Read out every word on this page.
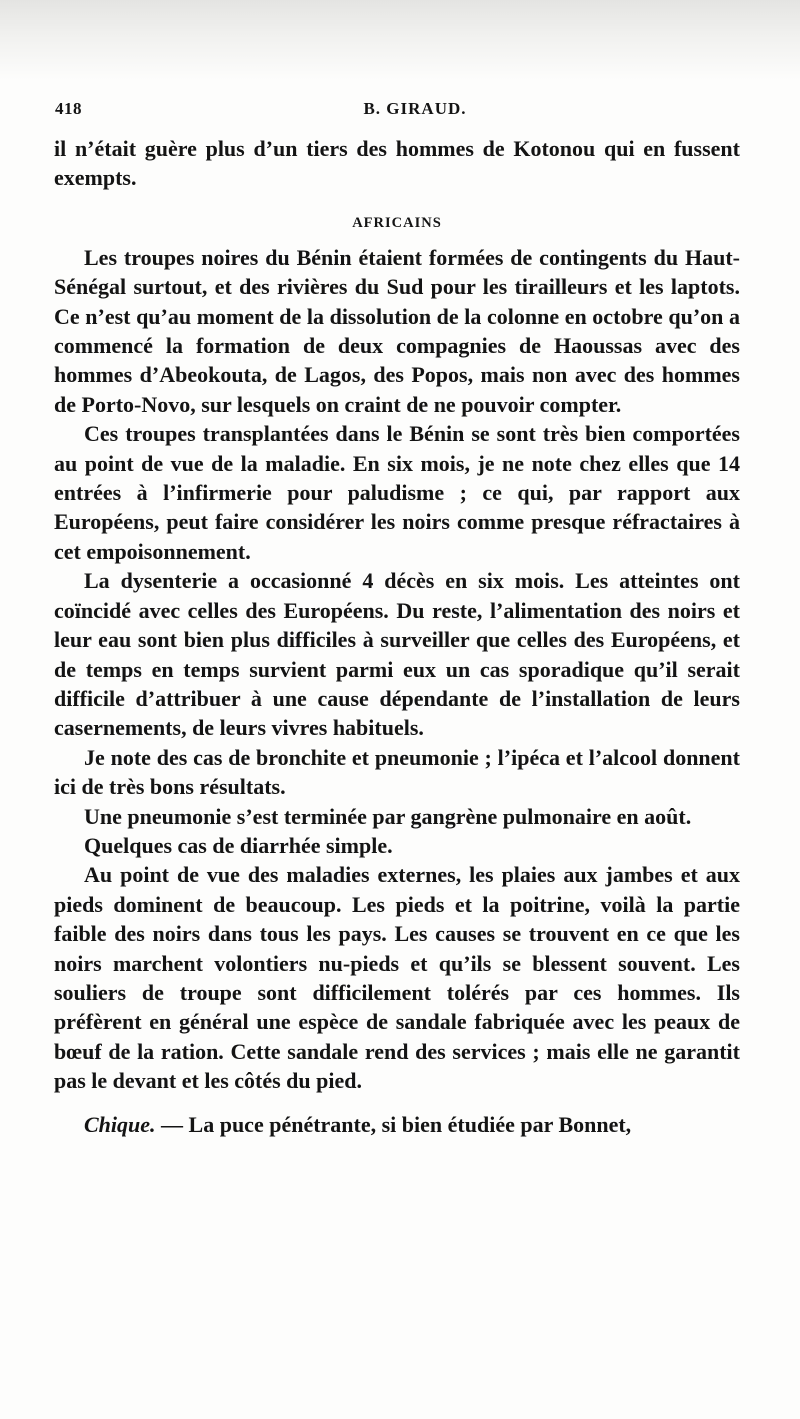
418	B. GIRAUD.

il n’était guère plus d’un tiers des hommes de Kotonou qui en fussent exempts.

AFRICAINS

Les troupes noires du Bénin étaient formées de contingents du Haut-Sénégal surtout, et des rivières du Sud pour les tirailleurs et les laptots. Ce n’est qu’au moment de la dissolution de la colonne en octobre qu’on a commencé la formation de deux compagnies de Haoussas avec des hommes d’Abeokouta, de Lagos, des Popos, mais non avec des hommes de Porto-Novo, sur lesquels on craint de ne pouvoir compter.

Ces troupes transplantées dans le Bénin se sont très bien comportées au point de vue de la maladie. En six mois, je ne note chez elles que 14 entrées à l’infirmerie pour paludisme ; ce qui, par rapport aux Européens, peut faire considérer les noirs comme presque réfractaires à cet empoisonnement.

La dysenterie a occasionné 4 décès en six mois. Les atteintes ont coïncidé avec celles des Européens. Du reste, l’alimentation des noirs et leur eau sont bien plus difficiles à surveiller que celles des Européens, et de temps en temps survient parmi eux un cas sporadique qu’il serait difficile d’attribuer à une cause dépendante de l’installation de leurs casernements, de leurs vivres habituels.

Je note des cas de bronchite et pneumonie ; l’ipéca et l’alcool donnent ici de très bons résultats.

Une pneumonie s’est terminée par gangrène pulmonaire en août.

Quelques cas de diarrhée simple.

Au point de vue des maladies externes, les plaies aux jambes et aux pieds dominent de beaucoup. Les pieds et la poitrine, voilà la partie faible des noirs dans tous les pays. Les causes se trouvent en ce que les noirs marchent volontiers nu-pieds et qu’ils se blessent souvent. Les souliers de troupe sont difficilement tolérés par ces hommes. Ils préfèrent en général une espèce de sandale fabriquée avec les peaux de bœuf de la ration. Cette sandale rend des services ; mais elle ne garantit pas le devant et les côtés du pied.

Chique. — La puce pénétrante, si bien étudiée par Bonnet,
